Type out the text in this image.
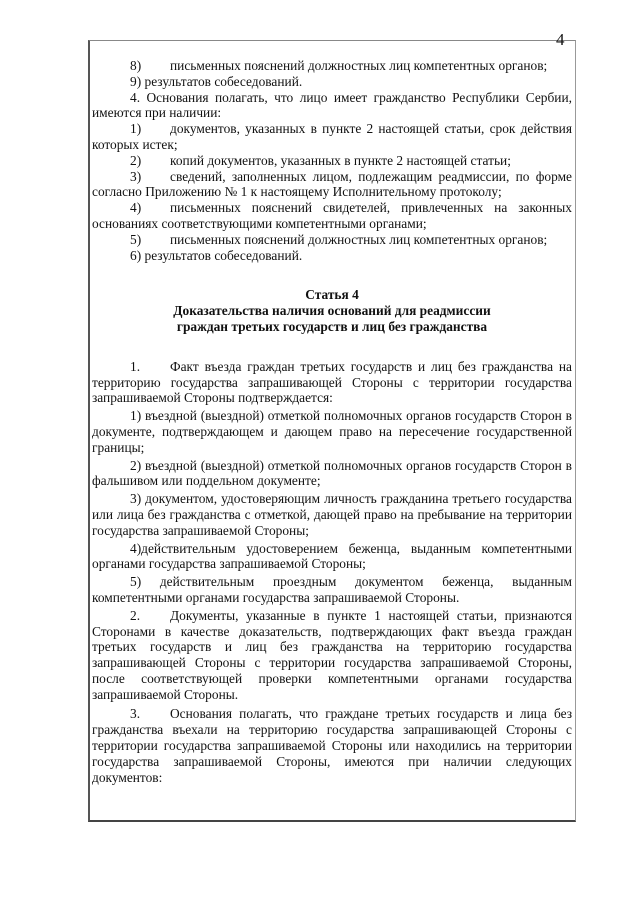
4

8) письменных пояснений должностных лиц компетентных органов;

9) результатов собеседований.

4. Основания полагать, что лицо имеет гражданство Республики Сербии, имеются при наличии:

1) документов, указанных в пункте 2 настоящей статьи, срок действия которых истек;

2) копий документов, указанных в пункте 2 настоящей статьи;

3) сведений, заполненных лицом, подлежащим реадмиссии, по форме согласно Приложению № 1 к настоящему Исполнительному протоколу;

4) письменных пояснений свидетелей, привлеченных на законных основаниях соответствующими компетентными органами;

5) письменных пояснений должностных лиц компетентных органов;

6) результатов собеседований.

Статья 4

Доказательства наличия оснований для реадмиссии

граждан третьих государств и лиц без гражданства

1. Факт въезда граждан третьих государств и лиц без гражданства на территорию государства запрашивающей Стороны с территории государства запрашиваемой Стороны подтверждается:

1) въездной (выездной) отметкой полномочных органов государств Сторон в документе, подтверждающем и дающем право на пересечение государственной границы;

2) въездной (выездной) отметкой полномочных органов государств Сторон в фальшивом или поддельном документе;

3) документом, удостоверяющим личность гражданина третьего государства или лица без гражданства с отметкой, дающей право на пребывание на территории государства запрашиваемой Стороны;

4)действительным удостоверением беженца, выданным компетентными органами государства запрашиваемой Стороны;

5) действительным проездным документом беженца, выданным компетентными органами государства запрашиваемой Стороны.

2. Документы, указанные в пункте 1 настоящей статьи, признаются Сторонами в качестве доказательств, подтверждающих факт въезда граждан третьих государств и лиц без гражданства на территорию государства запрашивающей Стороны с территории государства запрашиваемой Стороны, после соответствующей проверки компетентными органами государства запрашиваемой Стороны.

3. Основания полагать, что граждане третьих государств и лица без гражданства въехали на территорию государства запрашивающей Стороны с территории государства запрашиваемой Стороны или находились на территории государства запрашиваемой Стороны, имеются при наличии следующих документов:
